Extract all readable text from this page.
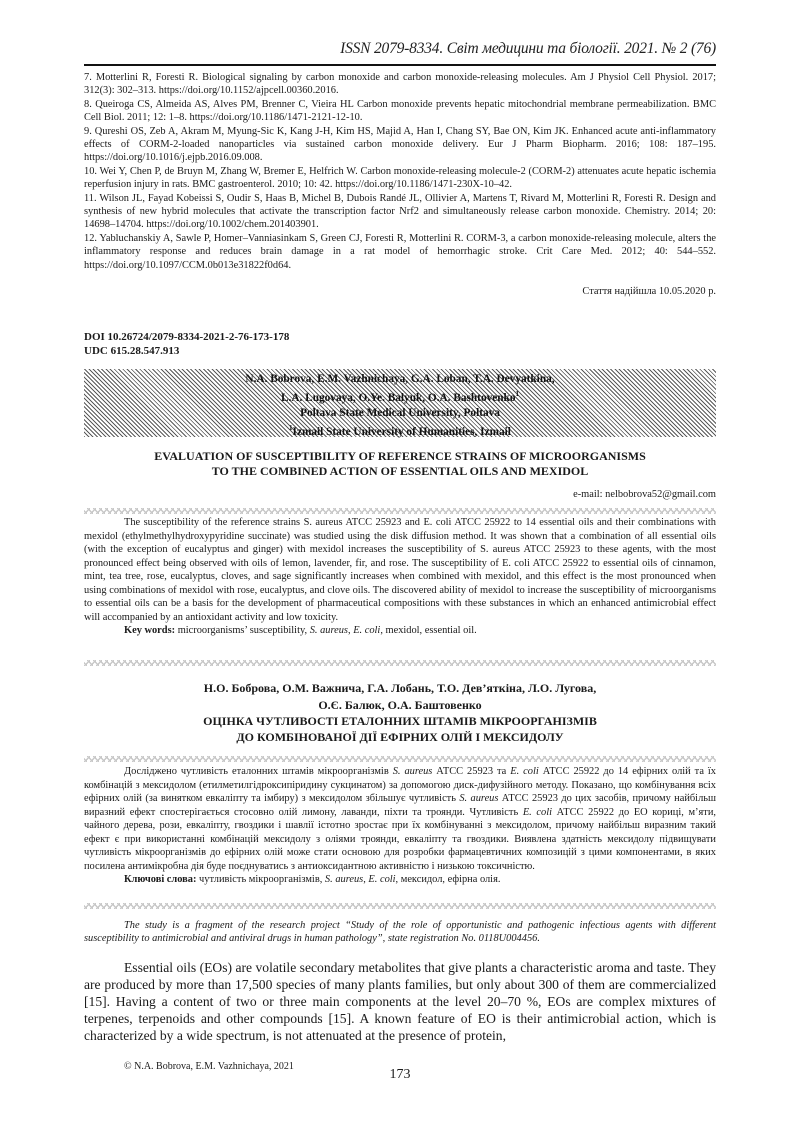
ISSN 2079-8334. Світ медицини та біології. 2021. № 2 (76)

7. Motterlini R, Foresti R. Biological signaling by carbon monoxide and carbon monoxide-releasing molecules. Am J Physiol Cell Physiol. 2017; 312(3): 302–313. https://doi.org/10.1152/ajpcell.00360.2016.

8. Queiroga CS, Almeida AS, Alves PM, Brenner C, Vieira HL Carbon monoxide prevents hepatic mitochondrial membrane permeabilization. BMC Cell Biol. 2011; 12: 1–8. https://doi.org/10.1186/1471-2121-12-10.

9. Qureshi OS, Zeb A, Akram M, Myung-Sic K, Kang J-H, Kim HS, Majid A, Han I, Chang SY, Bae ON, Kim JK. Enhanced acute anti-inflammatory effects of CORM-2-loaded nanoparticles via sustained carbon monoxide delivery. Eur J Pharm Biopharm. 2016; 108: 187–195. https://doi.org/10.1016/j.ejpb.2016.09.008.

10. Wei Y, Chen P, de Bruyn M, Zhang W, Bremer E, Helfrich W. Carbon monoxide-releasing molecule-2 (CORM-2) attenuates acute hepatic ischemia reperfusion injury in rats. BMC gastroenterol. 2010; 10: 42. https://doi.org/10.1186/1471-230X-10–42.

11. Wilson JL, Fayad Kobeissi S, Oudir S, Haas B, Michel B, Dubois Randé JL, Ollivier A, Martens T, Rivard M, Motterlini R, Foresti R. Design and synthesis of new hybrid molecules that activate the transcription factor Nrf2 and simultaneously release carbon monoxide. Chemistry. 2014; 20: 14698–14704. https://doi.org/10.1002/chem.201403901.

12. Yabluchanskiy A, Sawle P, Homer–Vanniasinkam S, Green CJ, Foresti R, Motterlini R. CORM-3, a carbon monoxide-releasing molecule, alters the inflammatory response and reduces brain damage in a rat model of hemorrhagic stroke. Crit Care Med. 2012; 40: 544–552. https://doi.org/10.1097/CCM.0b013e31822f0d64.

Стаття надійшла 10.05.2020 р.
DOI 10.26724/2079-8334-2021-2-76-173-178
UDC 615.28.547.913
N.A. Bobrova, E.M. Vazhnichaya, G.A. Loban, T.A. Devyatkina,
L.A. Lugovaya, O.Ye. Balyuk, O.A. Bashtovenko$^1$
Poltava State Medical University, Poltava
$^1$Izmail State University of Humanities, Izmail
EVALUATION OF SUSCEPTIBILITY OF REFERENCE STRAINS OF MICROORGANISMS
TO THE COMBINED ACTION OF ESSENTIAL OILS AND MEXIDOL
e-mail: nelbobrova52@gmail.com

The susceptibility of the reference strains S. aureus ATCC 25923 and E. coli ATCC 25922 to 14 essential oils and their combinations with mexidol (ethylmethylhydroxypyridine succinate) was studied using the disk diffusion method. It was shown that a combination of all essential oils (with the exception of eucalyptus and ginger) with mexidol increases the susceptibility of S. aureus ATCC 25923 to these agents, with the most pronounced effect being observed with oils of lemon, lavender, fir, and rose. The susceptibility of E. coli ATCC 25922 to essential oils of cinnamon, mint, tea tree, rose, eucalyptus, cloves, and sage significantly increases when combined with mexidol, and this effect is the most pronounced when using combinations of mexidol with rose, eucalyptus, and clove oils. The discovered ability of mexidol to increase the susceptibility of microorganisms to essential oils can be a basis for the development of pharmaceutical compositions with these substances in which an enhanced antimicrobial effect will accompanied by an antioxidant activity and low toxicity.

Key words: microorganisms’ susceptibility, S. aureus, E. coli, mexidol, essential oil.

Н.О. Боброва, О.М. Важнича, Г.А. Лобань, Т.О. Дев’яткіна, Л.О. Лугова,
О.Є. Балюк, О.А. Баштовенко
ОЦІНКА ЧУТЛИВОСТІ ЕТАЛОННИХ ШТАМІВ МІКРООРГАНІЗМІВ
ДО КОМБІНОВАНОЇ ДІЇ ЕФІРНИХ ОЛІЙ І МЕКСИДОЛУ

Досліджено чутливість еталонних штамів мікроорганізмів S. aureus АТСС 25923 та E. coli АТСС 25922 до 14 ефірних олій та їх комбінацій з мексидолом (етилметилгідроксипіридину сукцинатом) за допомогою диск-дифузійного методу. Показано, що комбінування всіх ефірних олій (за винятком евкаліпту та імбиру) з мексидолом збільшує чутливість S. aureus АТСС 25923 до цих засобів, причому найбільш виразний ефект спостерігається стосовно олій лимону, лаванди, піхти та троянди. Чутливість E. coli АТСС 25922 до ЕО кориці, м’яти, чайного дерева, рози, евкаліпту, гвоздики і шавлії істотно зростає при їх комбінуванні з мексидолом, причому найбільш виразним такий ефект є при використанні комбінацій мексидолу з оліями троянди, евкаліпту та гвоздики. Виявлена здатність мексидолу підвищувати чутливість мікроорганізмів до ефірних олій може стати основою для розробки фармацевтичних композицій з цими компонентами, в яких посилена антимікробна дія буде поєднуватись з антиоксидантною активністю і низькою токсичністю.

Ключові слова: чутливість мікроорганізмів, S. aureus, E. coli, мексидол, ефірна олія.

The study is a fragment of the research project “Study of the role of opportunistic and pathogenic infectious agents with different susceptibility to antimicrobial and antiviral drugs in human pathology”, state registration No. 0118U004456.

Essential oils (EOs) are volatile secondary metabolites that give plants a characteristic aroma and taste. They are produced by more than 17,500 species of many plants families, but only about 300 of them are commercialized [15]. Having a content of two or three main components at the level 20–70 %, EOs are complex mixtures of terpenes, terpenoids and other compounds [15]. A known feature of EO is their antimicrobial action, which is characterized by a wide spectrum, is not attenuated at the presence of protein,

© N.A. Bobrova, E.M. Vazhnichaya, 2021
173
